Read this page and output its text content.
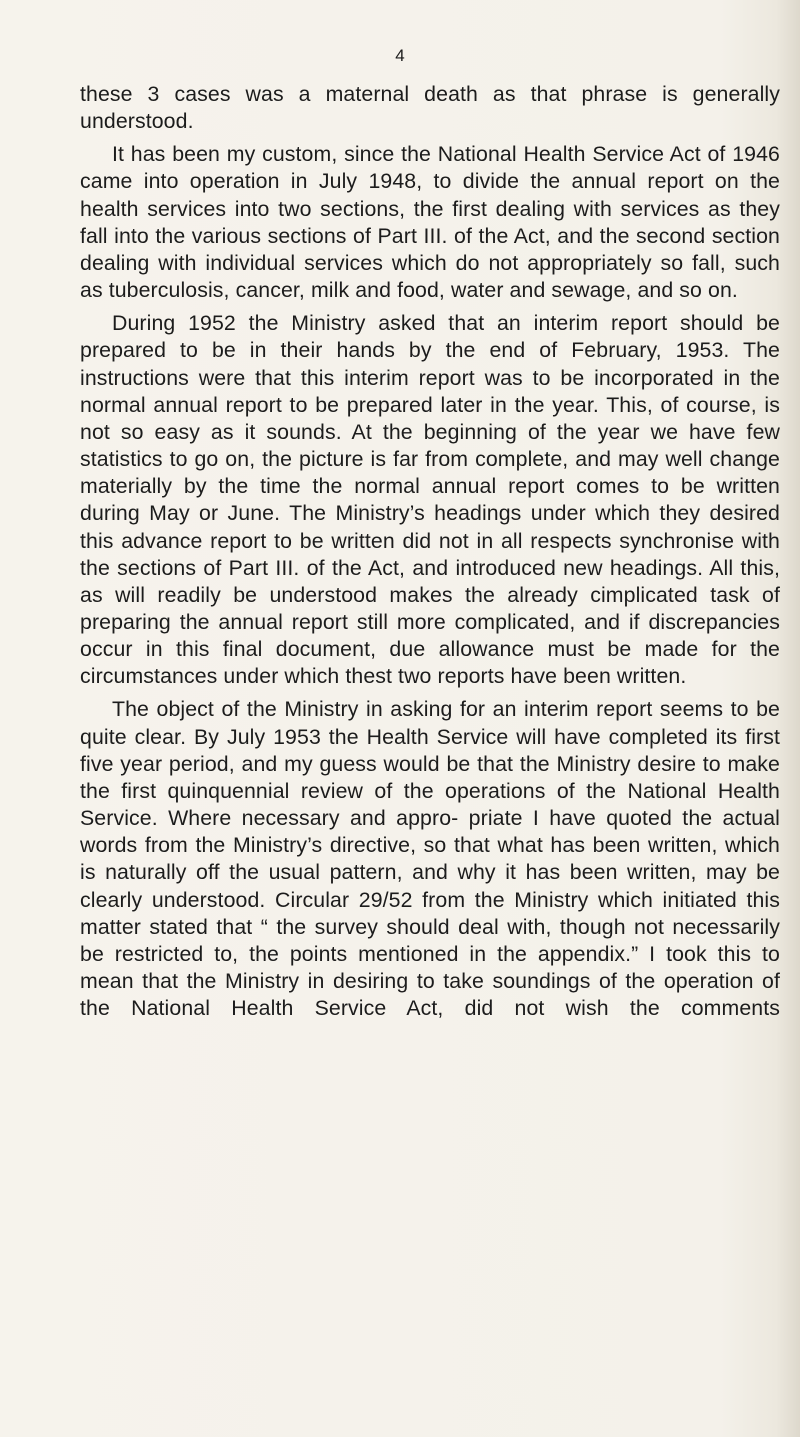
4

these 3 cases was a maternal death as that phrase is generally understood.

It has been my custom, since the National Health Service Act of 1946 came into operation in July 1948, to divide the annual report on the health services into two sections, the first dealing with services as they fall into the various sections of Part III. of the Act, and the second section dealing with individual services which do not appropriately so fall, such as tuberculosis, cancer, milk and food, water and sewage, and so on.

During 1952 the Ministry asked that an interim report should be prepared to be in their hands by the end of February, 1953. The instructions were that this interim report was to be incorporated in the normal annual report to be prepared later in the year. This, of course, is not so easy as it sounds. At the beginning of the year we have few statistics to go on, the picture is far from complete, and may well change materially by the time the normal annual report comes to be written during May or June. The Ministry’s headings under which they desired this advance report to be written did not in all respects synchronise with the sections of Part III. of the Act, and introduced new headings. All this, as will readily be understood makes the already cimplicated task of preparing the annual report still more complicated, and if discrepancies occur in this final document, due allowance must be made for the circumstances under which thest two reports have been written.

The object of the Ministry in asking for an interim report seems to be quite clear. By July 1953 the Health Service will have completed its first five year period, and my guess would be that the Ministry desire to make the first quinquennial review of the operations of the National Health Service. Where necessary and appro- priate I have quoted the actual words from the Ministry’s directive, so that what has been written, which is naturally off the usual pattern, and why it has been written, may be clearly understood. Circular 29/52 from the Ministry which initiated this matter stated that “ the survey should deal with, though not necessarily be restricted to, the points mentioned in the appendix.” I took this to mean that the Ministry in desiring to take soundings of the operation of the National Health Service Act, did not wish the comments
